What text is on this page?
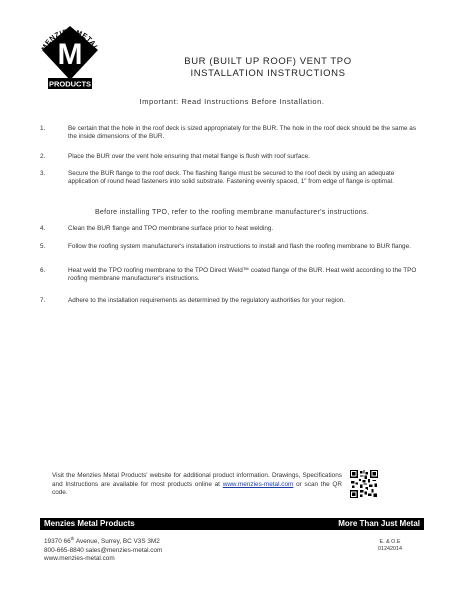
MENZIES METAL
M
PRODUCTS
BUR (BUILT UP ROOF) VENT TPO
INSTALLATION INSTRUCTIONS
Important: Read Instructions Before Installation.
1.	Be certain that the hole in the roof deck is sized appropriately for the BUR. The hole in the roof deck should be the same as the inside dimensions of the BUR.
2.	Place the BUR over the vent hole ensuring that metal flange is flush with roof surface.
3.	Secure the BUR flange to the roof deck. The flashing flange must be secured to the roof deck by using an adequate application of round head fasteners into solid substrate. Fastening evenly spaced, 1" from edge of flange is optimal.
Before installing TPO, refer to the roofing membrane manufacturer's instructions.
4.	Clean the BUR flange and TPO membrane surface prior to heat welding.
5.	Follow the roofing system manufacturer's installation instructions to install and flash the roofing membrane to BUR flange.
6.	Heat weld the TPO roofing membrane to the TPO Direct Weld™ coated flange of the BUR. Heat weld according to the TPO roofing membrane manufacturer's instructions.
7.	Adhere to the installation requirements as determined by the regulatory authorities for your region.
Visit the Menzies Metal Products' website for additional product information. Drawings, Specifications and Instructions are available for most products online at www.menzies-metal.com or scan the QR code.
Menzies Metal Products	More Than Just Metal
19370 66th Avenue, Surrey, BC V3S 3M2
800-665-8840 sales@menzies-metal.com
www.menzies-metal.com
E. & O.E
01242014
